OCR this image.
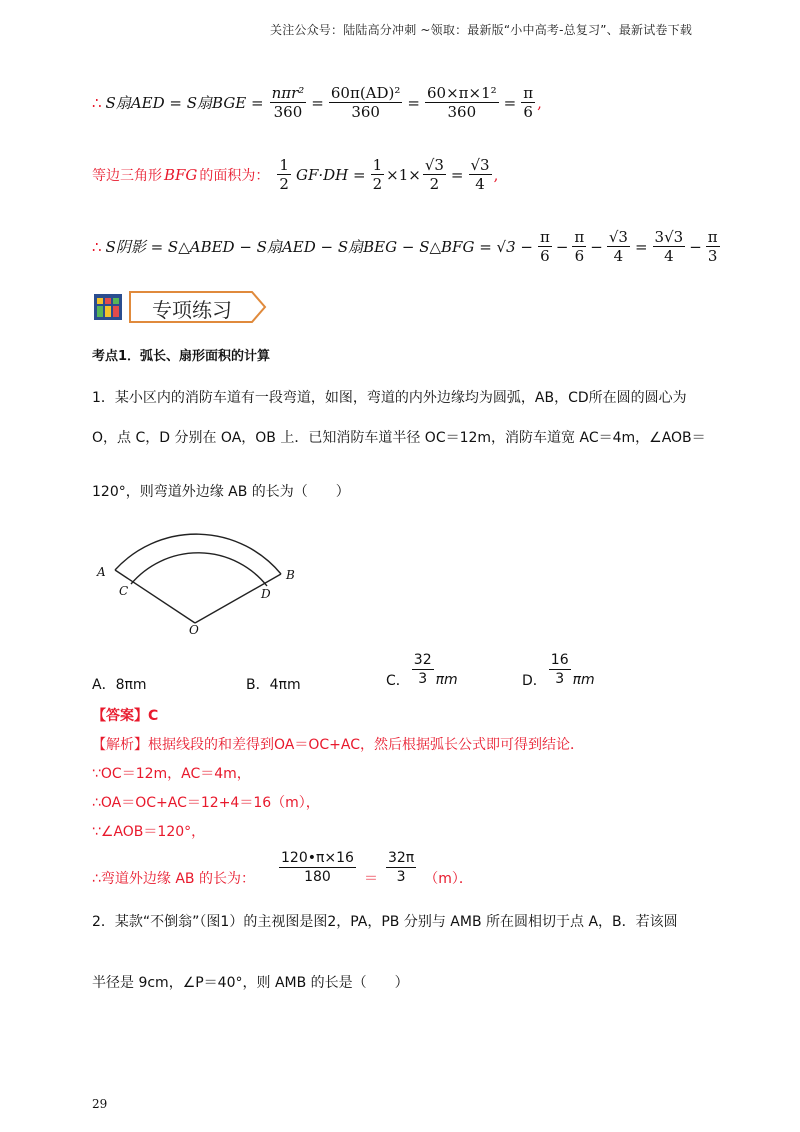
关注公众号：陆陆高分冲刺 ~领取：最新版“小中高考-总复习”、最新试卷下载
∴ S扇AED = S扇BGE = $\frac{\text{nπr²}}{360} = \frac{\text{60π(AD)²}}{360} = \frac{\text{60×π×1²}}{360} = \frac{\pi}{6}$ ,
等边三角形 BFG 的面积为： $\frac{1}{2} GF\cdot DH = \frac{1}{2} \times 1\times \frac{√3}{2} = \frac{√3}{4}$ ,
∴ S阴影 = S△ABED − S扇AED − S扇BEG − S△BFG = $√3 - \frac{\pi}{6} - \frac{\pi}{6} - \frac{√3}{4} = \frac{3√3}{4} - \frac{\pi}{3}$
专项练习
考点1．弧长、扇形面积的计算
1．某小区内的消防车道有一段弯道，如图，弯道的内外边缘均为圆弧，AB，CD所在圆的圆心为
O，点 C，D 分别在 OA，OB 上．已知消防车道半径 OC＝12m，消防车道宽 AC＝4m，∠AOB＝
120°，则弯道外边缘 AB 的长为（　　）
A	B
C	D
O
A．8πm	B．4πm	C． $\frac{32}{3}$ πm	D． $\frac{16}{3}$ πm
【答案】C
【解析】根据线段的和差得到OA＝OC+AC，然后根据弧长公式即可得到结论．
∵OC＝12m，AC＝4m，
∴OA＝OC+AC＝12+4＝16（m），
∵∠AOB＝120°，
∴弯道外边缘 AB 的长为： $\frac{120•\pi\times 16}{180} = \frac{32\pi}{3} (m)$．
2．某款“不倒翁”（图1）的主视图是图2，PA，PB 分别与 AMB 所在圆相切于点 A，B．若该圆
半径是 9cm，∠P＝40°，则 AMB 的长是（　　）
29
